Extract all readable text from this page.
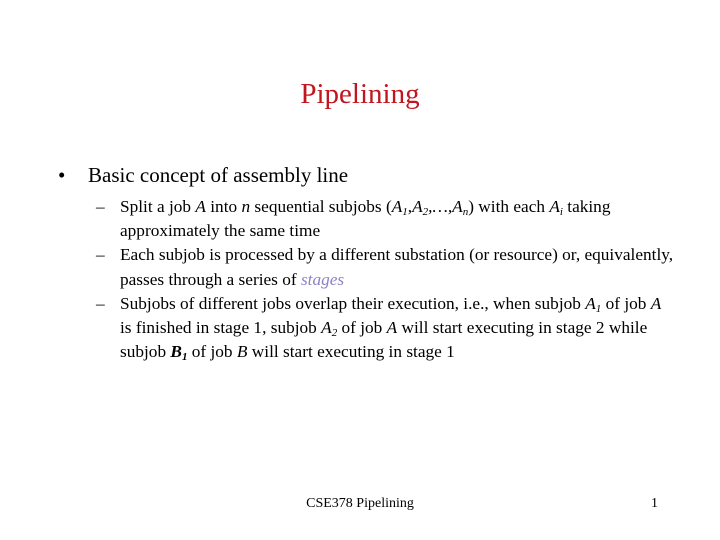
Pipelining
• Basic concept of assembly line
– Split a job A into n sequential subjobs $(A_1,A_2,\dots,A_n)$ with each $A_i$ taking approximately the same time
– Each subjob is processed by a different substation (or resource) or, equivalently, passes through a series of stages
– Subjobs of different jobs overlap their execution, i.e., when subjob $A_1$ of job A is finished in stage 1, subjob $A_2$ of job A will start executing in stage 2 while subjob $B_1$ of job B will start executing in stage 1
CSE378 Pipelining	1
